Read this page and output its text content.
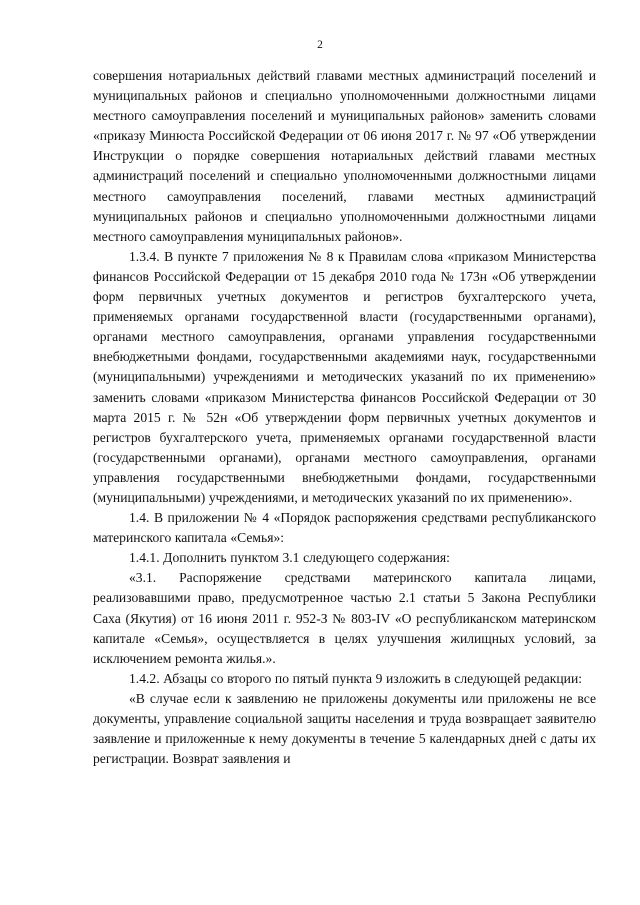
2

совершения нотариальных действий главами местных администраций поселений и муниципальных районов и специально уполномоченными должностными лицами местного самоуправления поселений и муниципальных районов» заменить словами «приказу Минюста Российской Федерации от 06 июня 2017 г. № 97 «Об утверждении Инструкции о порядке совершения нотариальных действий главами местных администраций поселений и специально уполномоченными должностными лицами местного самоуправления поселений, главами местных администраций муниципальных районов и специально уполномоченными должностными лицами местного самоуправления муниципальных районов».

1.3.4. В пункте 7 приложения № 8 к Правилам слова «приказом Министерства финансов Российской Федерации от 15 декабря 2010 года № 173н «Об утверждении форм первичных учетных документов и регистров бухгалтерского учета, применяемых органами государственной власти (государственными органами), органами местного самоуправления, органами управления государственными внебюджетными фондами, государственными академиями наук, государственными (муниципальными) учреждениями и методических указаний по их применению» заменить словами «приказом Министерства финансов Российской Федерации от 30 марта 2015 г. № 52н «Об утверждении форм первичных учетных документов и регистров бухгалтерского учета, применяемых органами государственной власти (государственными органами), органами местного самоуправления, органами управления государственными внебюджетными фондами, государственными (муниципальными) учреждениями, и методических указаний по их применению».

1.4. В приложении № 4 «Порядок распоряжения средствами республиканского материнского капитала «Семья»:

1.4.1. Дополнить пунктом 3.1 следующего содержания:

«3.1. Распоряжение средствами материнского капитала лицами, реализовавшими право, предусмотренное частью 2.1 статьи 5 Закона Республики Саха (Якутия) от 16 июня 2011 г. 952-З № 803-IV «О республиканском материнском капитале «Семья», осуществляется в целях улучшения жилищных условий, за исключением ремонта жилья.».

1.4.2. Абзацы со второго по пятый пункта 9 изложить в следующей редакции:

«В случае если к заявлению не приложены документы или приложены не все документы, управление социальной защиты населения и труда возвращает заявителю заявление и приложенные к нему документы в течение 5 календарных дней с даты их регистрации. Возврат заявления и
